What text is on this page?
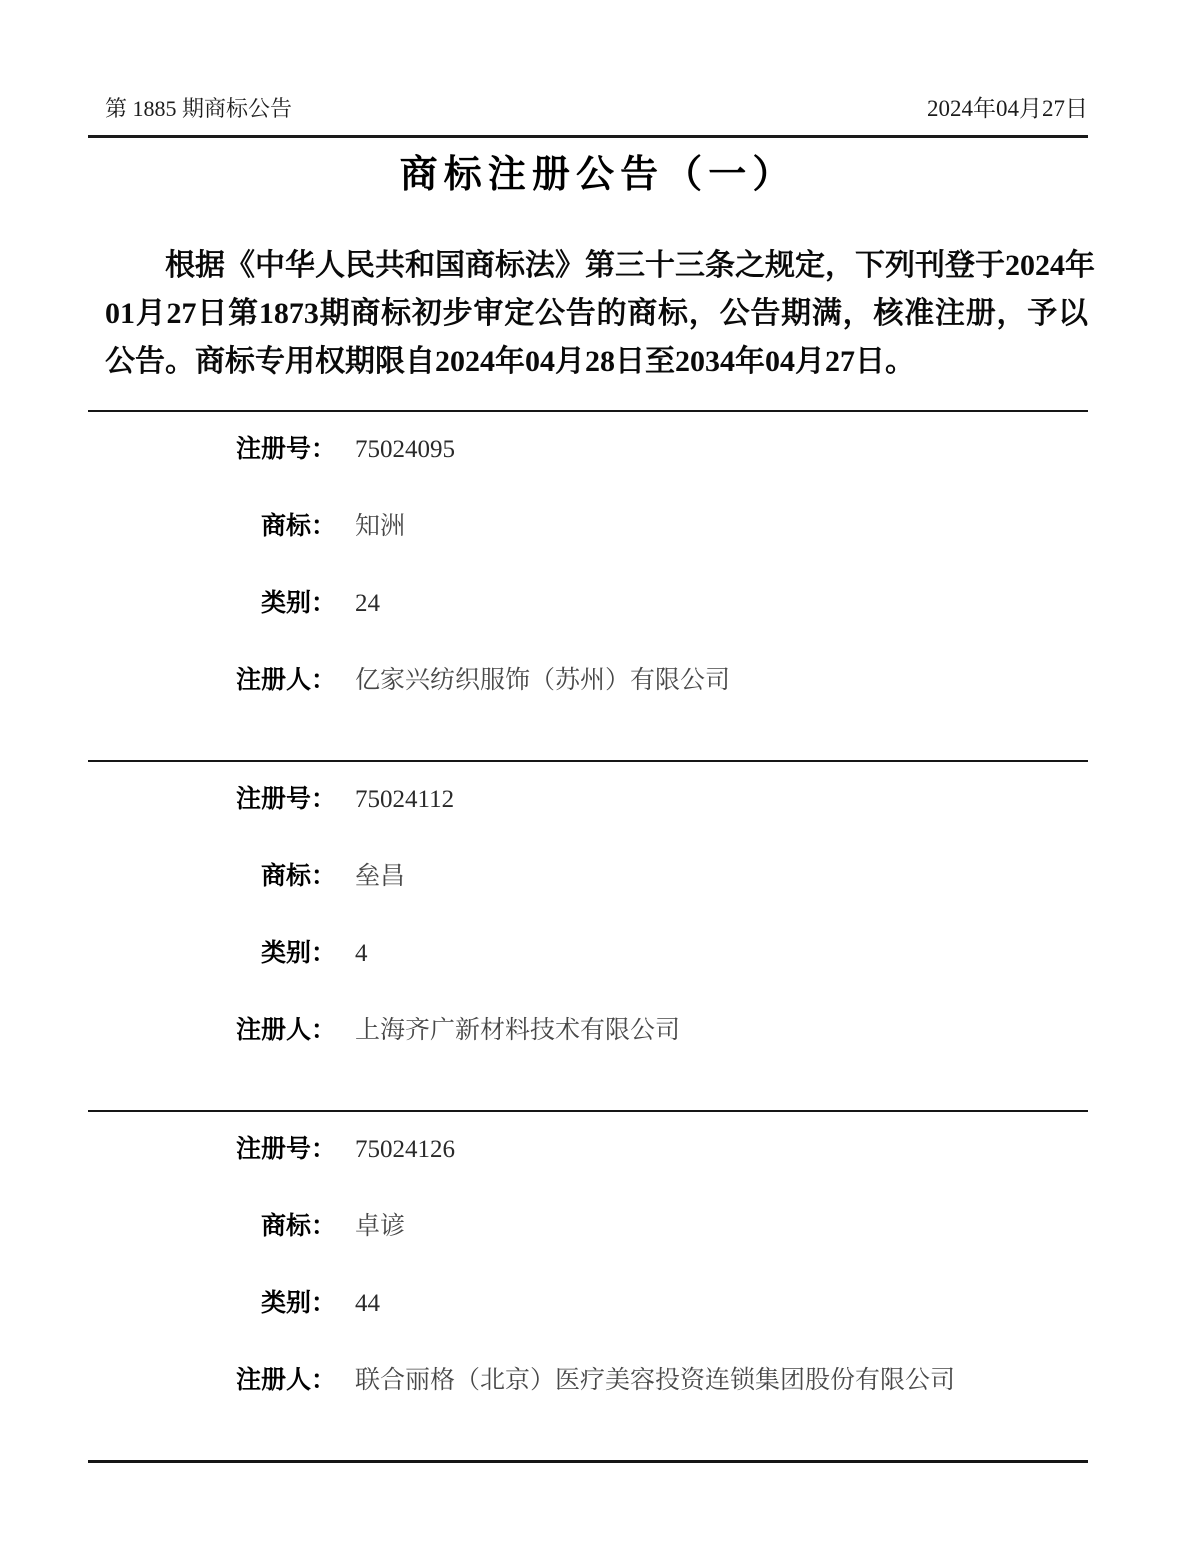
第 1885 期商标公告	2024年04月27日
商标注册公告（一）
根据《中华人民共和国商标法》第三十三条之规定，下列刊登于2024年
01月27日第1873期商标初步审定公告的商标，公告期满，核准注册，予以
公告。商标专用权期限自2024年04月28日至2034年04月27日。
注册号： 75024095
商标： 知洲
类别： 24
注册人： 亿家兴纺织服饰（苏州）有限公司
注册号： 75024112
商标： 垒昌
类别： 4
注册人： 上海齐广新材料技术有限公司
注册号： 75024126
商标： 卓谚
类别： 44
注册人： 联合丽格（北京）医疗美容投资连锁集团股份有限公司
